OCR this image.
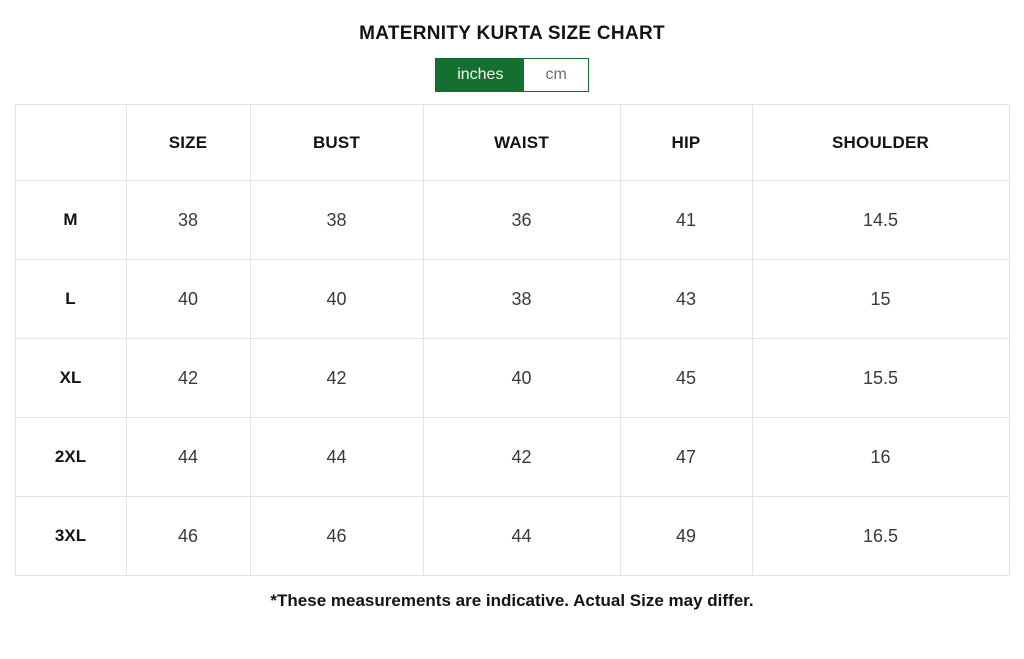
MATERNITY KURTA SIZE CHART
inches	cm
	SIZE	BUST	WAIST	HIP	SHOULDER
M	38	38	36	41	14.5
L	40	40	38	43	15
XL	42	42	40	45	15.5
2XL	44	44	42	47	16
3XL	46	46	44	49	16.5
*These measurements are indicative. Actual Size may differ.
